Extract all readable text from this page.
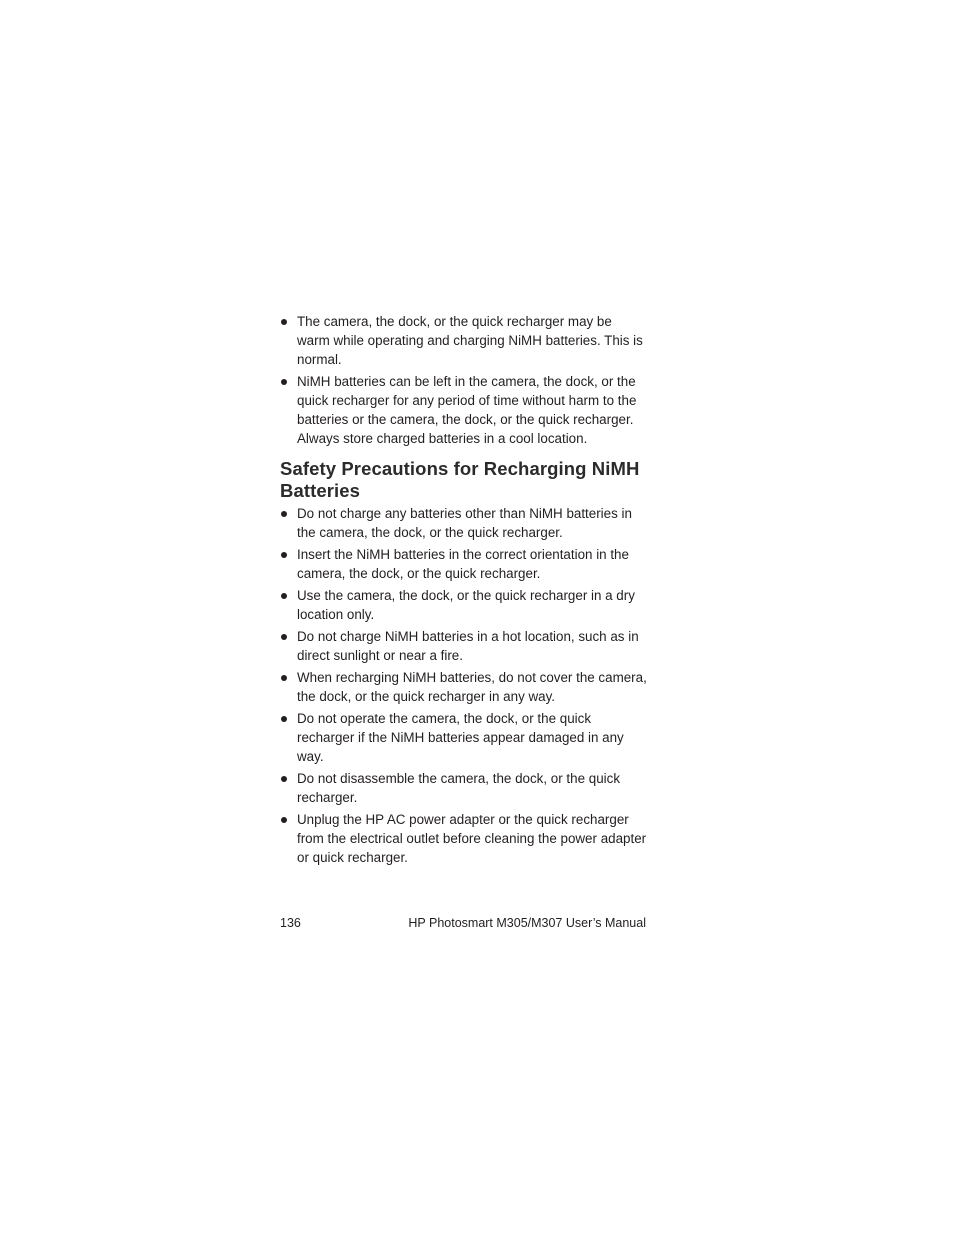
The camera, the dock, or the quick recharger may be warm while operating and charging NiMH batteries. This is normal.
NiMH batteries can be left in the camera, the dock, or the quick recharger for any period of time without harm to the batteries or the camera, the dock, or the quick recharger. Always store charged batteries in a cool location.
Safety Precautions for Recharging NiMH Batteries
Do not charge any batteries other than NiMH batteries in the camera, the dock, or the quick recharger.
Insert the NiMH batteries in the correct orientation in the camera, the dock, or the quick recharger.
Use the camera, the dock, or the quick recharger in a dry location only.
Do not charge NiMH batteries in a hot location, such as in direct sunlight or near a fire.
When recharging NiMH batteries, do not cover the camera, the dock, or the quick recharger in any way.
Do not operate the camera, the dock, or the quick recharger if the NiMH batteries appear damaged in any way.
Do not disassemble the camera, the dock, or the quick recharger.
Unplug the HP AC power adapter or the quick recharger from the electrical outlet before cleaning the power adapter or quick recharger.
136	HP Photosmart M305/M307 User’s Manual
